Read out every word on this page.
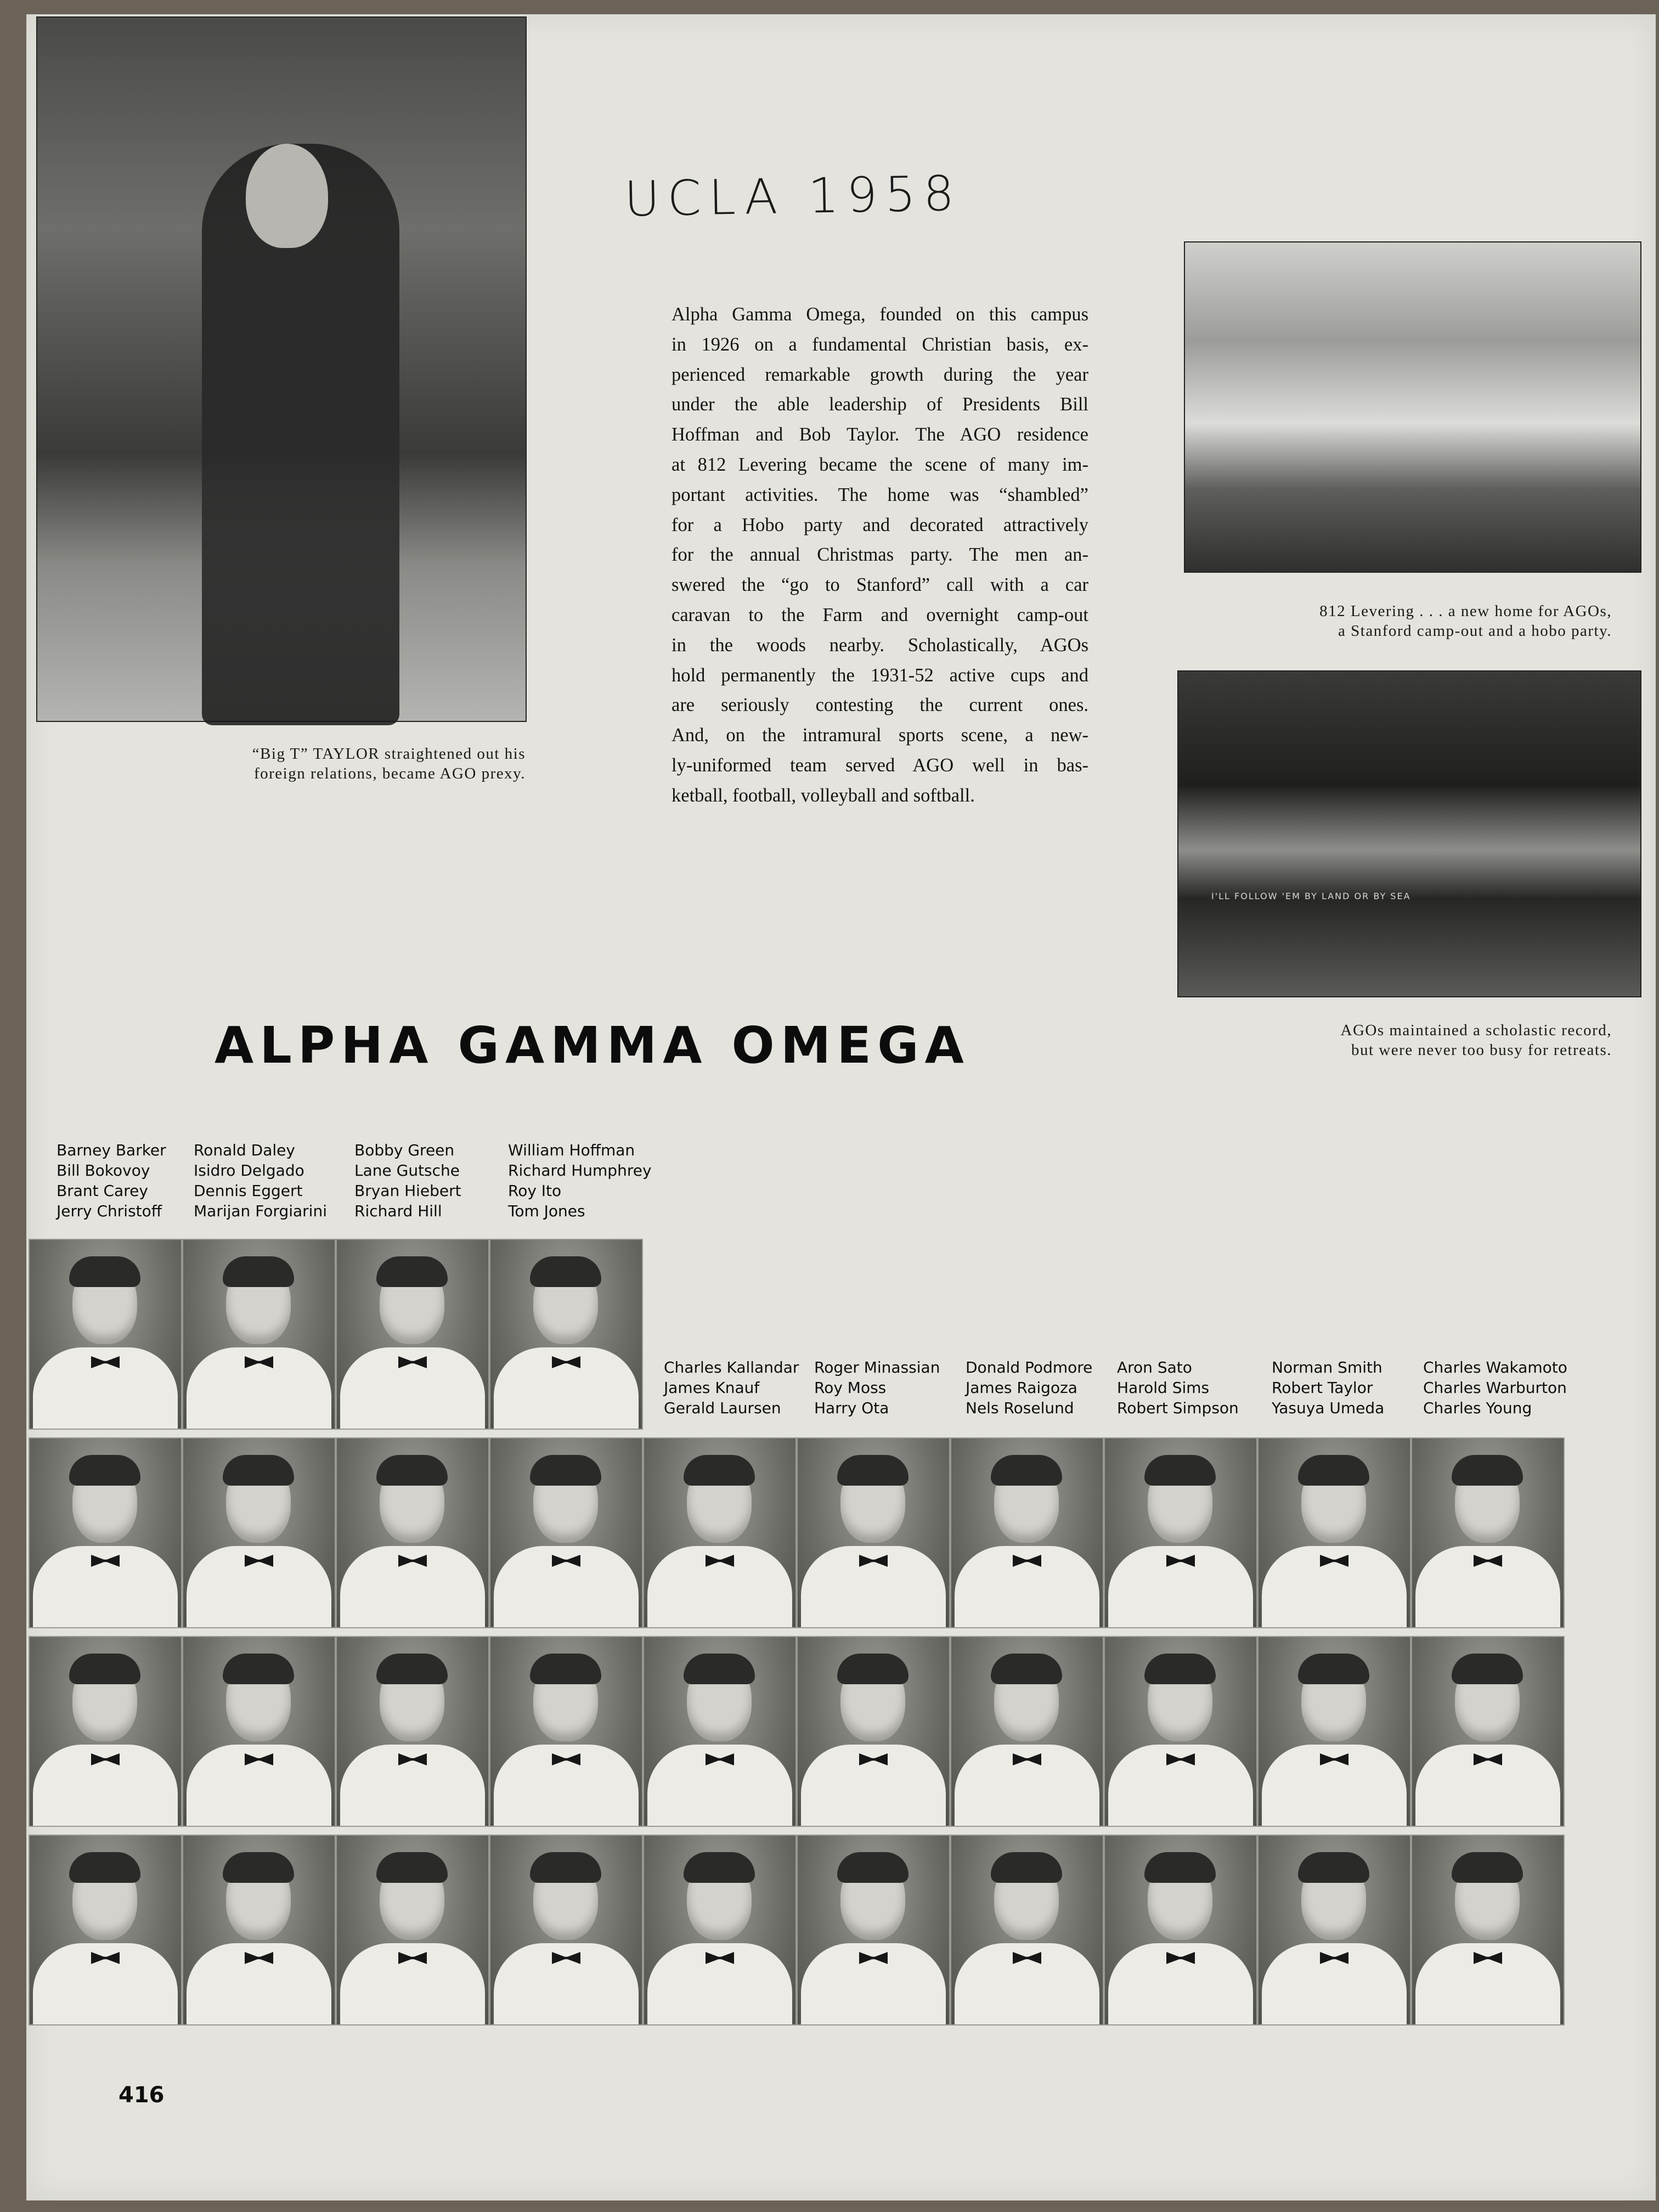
“Big T” TAYLOR straightened out his
foreign relations, became AGO prexy.
UCLA 1958
Alpha Gamma Omega, founded on this campus
in 1926 on a fundamental Christian basis, ex-
perienced remarkable growth during the year
under the able leadership of Presidents Bill
Hoffman and Bob Taylor. The AGO residence
at 812 Levering became the scene of many im-
portant activities. The home was “shambled”
for a Hobo party and decorated attractively
for the annual Christmas party. The men an-
swered the “go to Stanford” call with a car
caravan to the Farm and overnight camp-out
in the woods nearby. Scholastically, AGOs
hold permanently the 1931-52 active cups and
are seriously contesting the current ones.
And, on the intramural sports scene, a new-
ly-uniformed team served AGO well in bas-
ketball, football, volleyball and softball.
812 Levering . . . a new home for AGOs,
a Stanford camp-out and a hobo party.
I'LL FOLLOW 'EM BY LAND OR BY SEA
AGOs maintained a scholastic record,
but were never too busy for retreats.
ALPHA GAMMA OMEGA
Barney Barker
Bill Bokovoy
Brant Carey
Jerry Christoff
Ronald Daley
Isidro Delgado
Dennis Eggert
Marijan Forgiarini
Bobby Green
Lane Gutsche
Bryan Hiebert
Richard Hill
William Hoffman
Richard Humphrey
Roy Ito
Tom Jones
Charles Kallandar
James Knauf
Gerald Laursen
Roger Minassian
Roy Moss
Harry Ota
Donald Podmore
James Raigoza
Nels Roselund
Aron Sato
Harold Sims
Robert Simpson
Norman Smith
Robert Taylor
Yasuya Umeda
Charles Wakamoto
Charles Warburton
Charles Young
416
